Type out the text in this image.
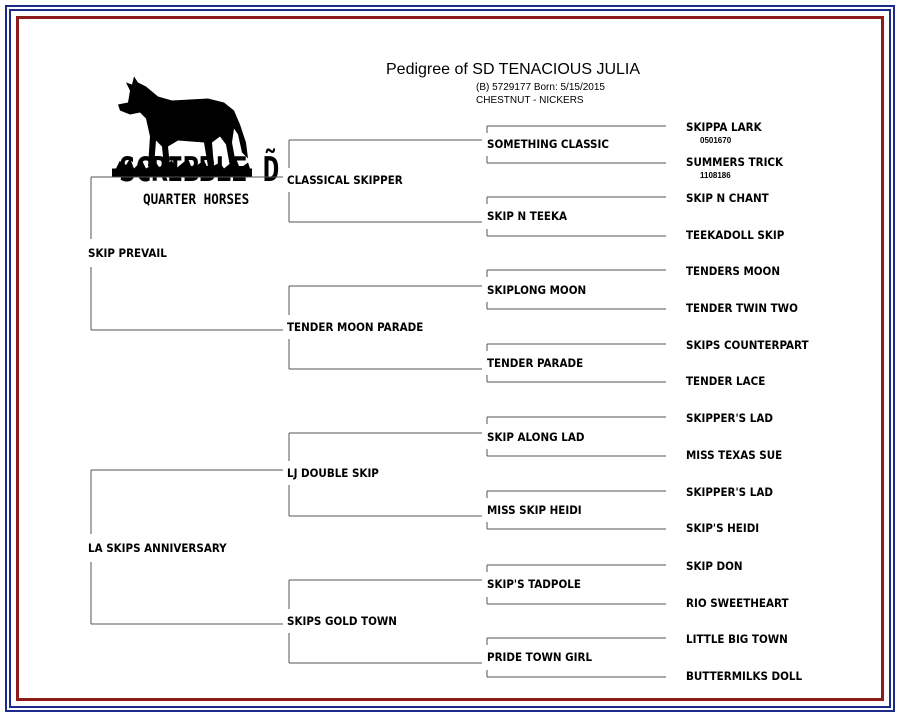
SCRIBBLE D̃
QUARTER HORSES
Pedigree of SD TENACIOUS JULIA
(B) 5729177 Born: 5/15/2015
CHESTNUT - NICKERS
SKIP PREVAIL
LA SKIPS ANNIVERSARY
CLASSICAL SKIPPER
TENDER MOON PARADE
LJ DOUBLE SKIP
SKIPS GOLD TOWN
SOMETHING CLASSIC
SKIP N TEEKA
SKIPLONG MOON
TENDER PARADE
SKIP ALONG LAD
MISS SKIP HEIDI
SKIP'S TADPOLE
PRIDE TOWN GIRL
SKIPPA LARK
SUMMERS TRICK
SKIP N CHANT
TEEKADOLL SKIP
TENDERS MOON
TENDER TWIN TWO
SKIPS COUNTERPART
TENDER LACE
SKIPPER'S LAD
MISS TEXAS SUE
SKIPPER'S LAD
SKIP'S HEIDI
SKIP DON
RIO SWEETHEART
LITTLE BIG TOWN
BUTTERMILKS DOLL
0501670
1108186
